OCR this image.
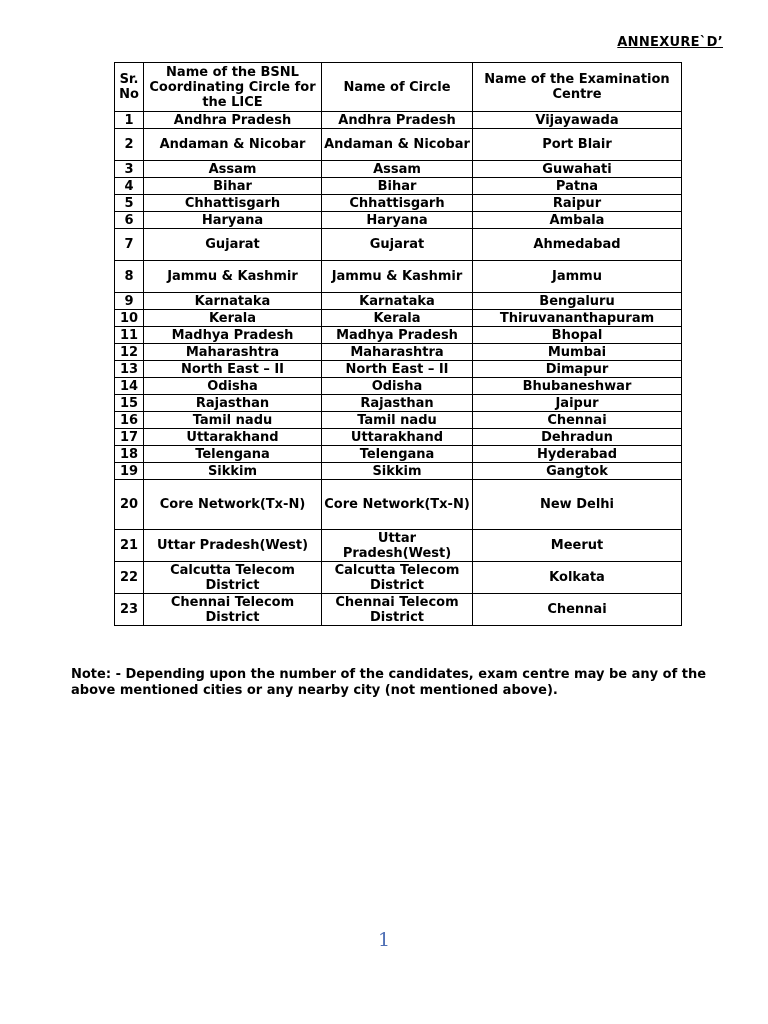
ANNEXURE`D’
Sr. No	Name of the BSNL Coordinating Circle for the LICE	Name of Circle	Name of the Examination Centre
1	Andhra Pradesh	Andhra Pradesh	Vijayawada
2	Andaman & Nicobar	Andaman & Nicobar	Port Blair
3	Assam	Assam	Guwahati
4	Bihar	Bihar	Patna
5	Chhattisgarh	Chhattisgarh	Raipur
6	Haryana	Haryana	Ambala
7	Gujarat	Gujarat	Ahmedabad
8	Jammu & Kashmir	Jammu & Kashmir	Jammu
9	Karnataka	Karnataka	Bengaluru
10	Kerala	Kerala	Thiruvananthapuram
11	Madhya Pradesh	Madhya Pradesh	Bhopal
12	Maharashtra	Maharashtra	Mumbai
13	North East – II	North East – II	Dimapur
14	Odisha	Odisha	Bhubaneshwar
15	Rajasthan	Rajasthan	Jaipur
16	Tamil nadu	Tamil nadu	Chennai
17	Uttarakhand	Uttarakhand	Dehradun
18	Telengana	Telengana	Hyderabad
19	Sikkim	Sikkim	Gangtok
20	Core Network(Tx-N)	Core Network(Tx-N)	New Delhi
21	Uttar Pradesh(West)	Uttar Pradesh(West)	Meerut
22	Calcutta Telecom District	Calcutta Telecom District	Kolkata
23	Chennai Telecom District	Chennai Telecom District	Chennai
Note: - Depending upon the number of the candidates, exam centre may be any of the above mentioned cities or any nearby city (not mentioned above).
1
